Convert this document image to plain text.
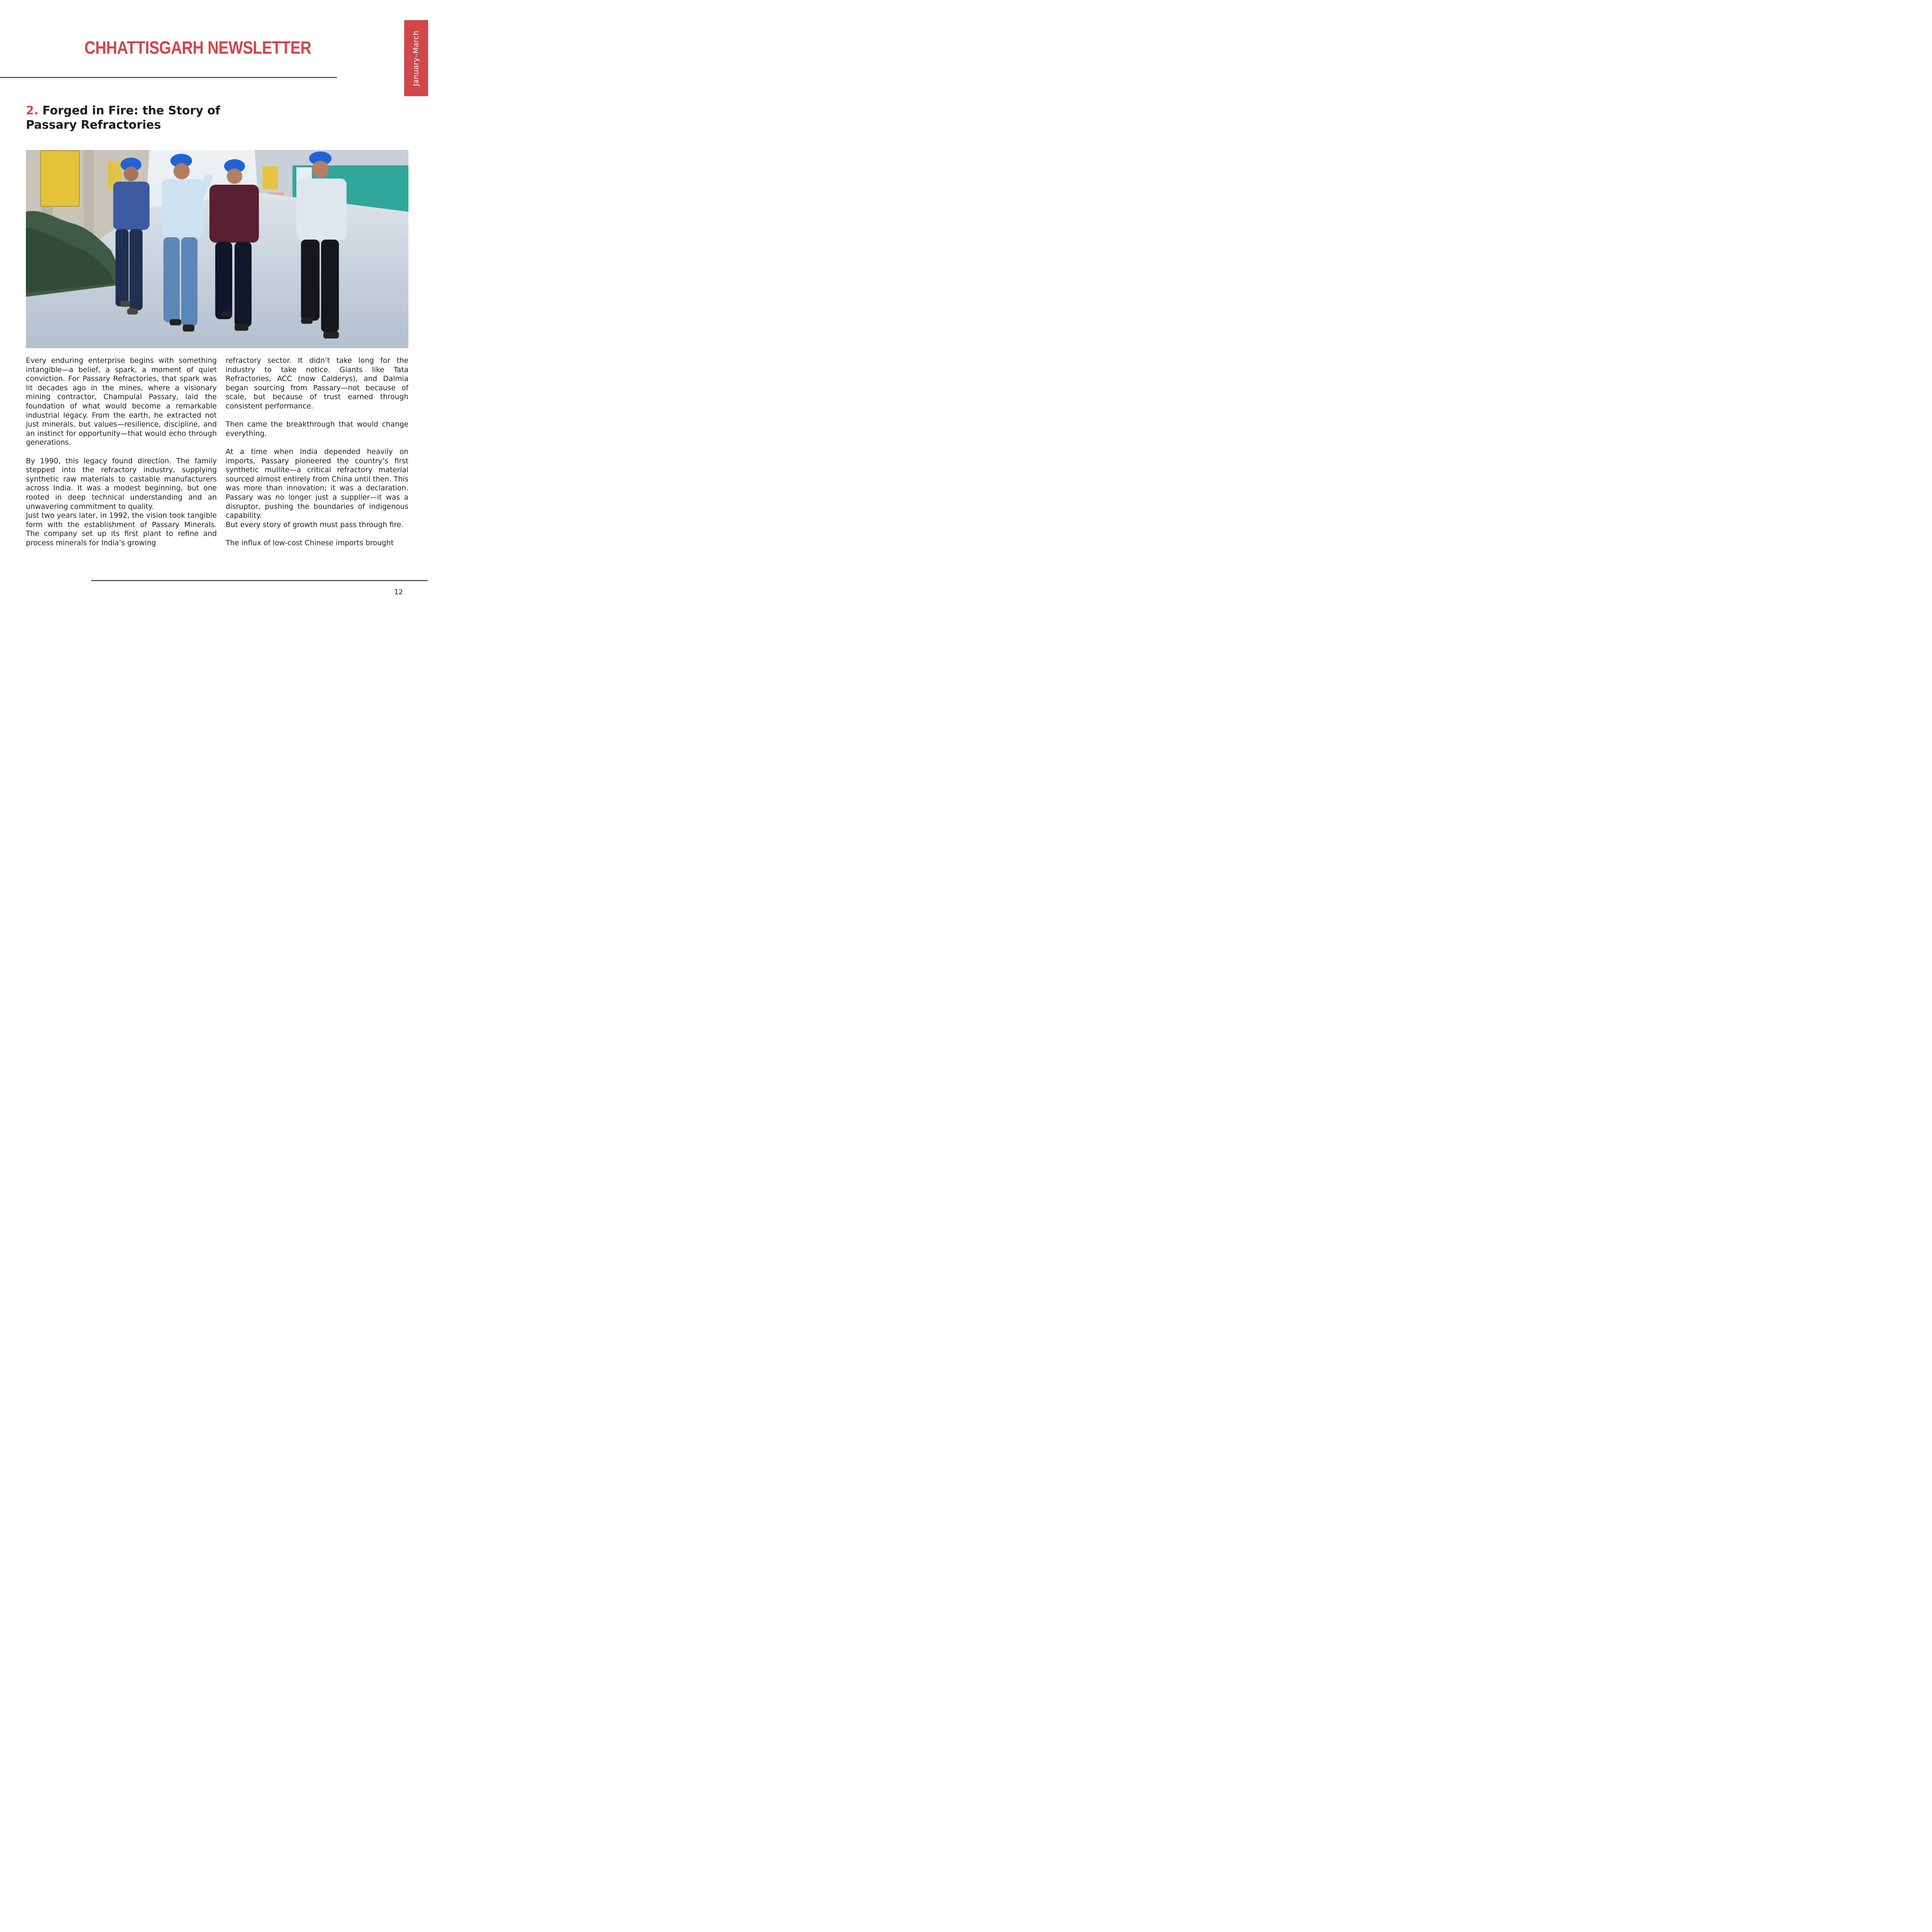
CHHATTISGARH NEWSLETTER	January–March
2. Forged in Fire: the Story of
Passary Refractories

Every enduring enterprise begins with something intangible—a belief, a spark, a moment of quiet conviction. For Passary Refractories, that spark was lit decades ago in the mines, where a visionary mining contractor, Champulal Passary, laid the foundation of what would become a remarkable industrial legacy. From the earth, he extracted not just minerals, but values—resilience, discipline, and an instinct for opportunity—that would echo through generations.

By 1990, this legacy found direction. The family stepped into the refractory industry, supplying synthetic raw materials to castable manufacturers across India. It was a modest beginning, but one rooted in deep technical understanding and an unwavering commitment to quality.

Just two years later, in 1992, the vision took tangible form with the establishment of Passary Minerals. The company set up its first plant to refine and process minerals for India’s growing

refractory sector. It didn’t take long for the industry to take notice. Giants like Tata Refractories, ACC (now Calderys), and Dalmia began sourcing from Passary—not because of scale, but because of trust earned through consistent performance.

Then came the breakthrough that would change everything.

At a time when India depended heavily on imports, Passary pioneered the country’s first synthetic mullite—a critical refractory material sourced almost entirely from China until then. This was more than innovation; it was a declaration. Passary was no longer just a supplier—it was a disruptor, pushing the boundaries of indigenous capability.

But every story of growth must pass through fire.

The influx of low-cost Chinese imports brought

12
